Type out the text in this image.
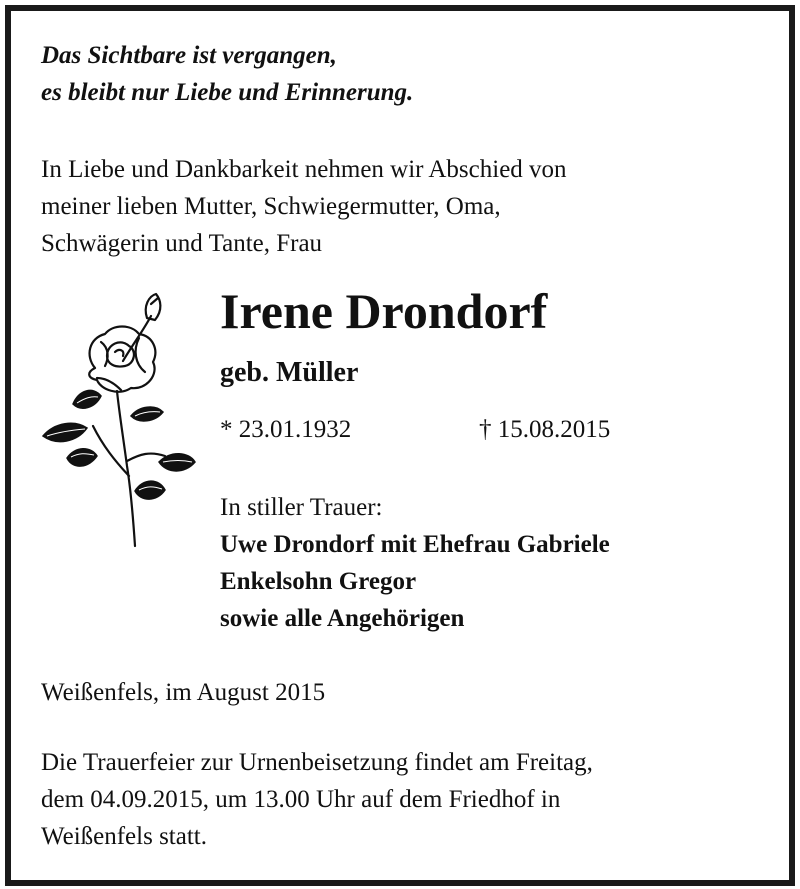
Das Sichtbare ist vergangen,
es bleibt nur Liebe und Erinnerung.

In Liebe und Dankbarkeit nehmen wir Abschied von
meiner lieben Mutter, Schwiegermutter, Oma,
Schwägerin und Tante, Frau

Irene Drondorf

geb. Müller

* 23.01.1932	† 15.08.2015
In stiller Trauer:
Uwe Drondorf mit Ehefrau Gabriele
Enkelsohn Gregor
sowie alle Angehörigen

Weißenfels, im August 2015

Die Trauerfeier zur Urnenbeisetzung findet am Freitag,
dem 04.09.2015, um 13.00 Uhr auf dem Friedhof in
Weißenfels statt.
